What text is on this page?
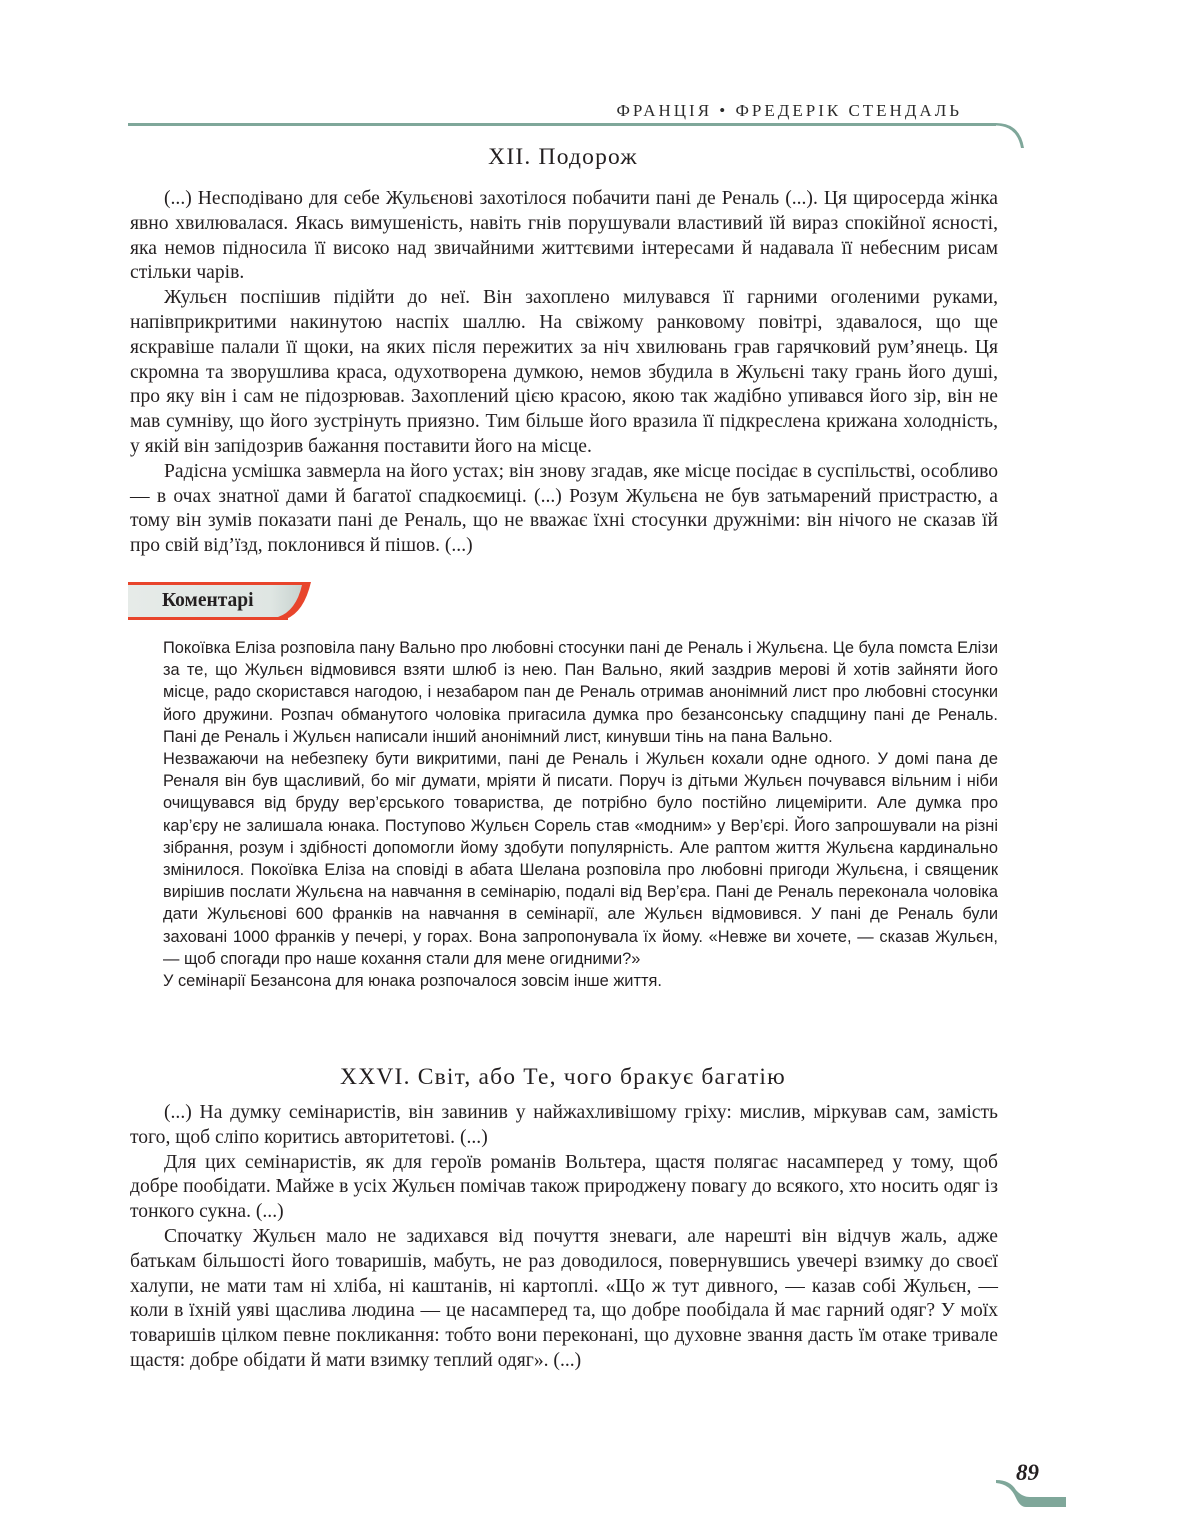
ФРАНЦІЯ • ФРЕДЕРІК СТЕНДАЛЬ
XII. Подорож

(...) Несподівано для себе Жульєнові захотілося побачити пані де Реналь (...). Ця щиросерда жінка явно хвилювалася. Якась вимушеність, навіть гнів порушували властивий їй вираз спокійної ясності, яка немов підносила її високо над звичайними життєвими інтересами й надавала її небесним рисам стільки чарів.

Жульєн поспішив підійти до неї. Він захоплено милувався її гарними оголеними руками, напівприкритими накинутою наспіх шаллю. На свіжому ранковому повітрі, здавалося, що ще яскравіше палали її щоки, на яких після пережитих за ніч хвилювань грав гарячковий рум’янець. Ця скромна та зворушлива краса, одухотворена думкою, немов збудила в Жульєні таку грань його душі, про яку він і сам не підозрював. Захоплений цією красою, якою так жадібно упивався його зір, він не мав сумніву, що його зустрінуть приязно. Тим більше його вразила її підкреслена крижана холодність, у якій він запідозрив бажання поставити його на місце.

Радісна усмішка завмерла на його устах; він знову згадав, яке місце посідає в суспільстві, особливо — в очах знатної дами й багатої спадкоємиці. (...) Розум Жульєна не був затьмарений пристрастю, а тому він зумів показати пані де Реналь, що не вважає їхні стосунки дружніми: він нічого не сказав їй про свій від’їзд, поклонився й пішов. (...)

Коментарі

Покоївка Еліза розповіла пану Вально про любовні стосунки пані де Реналь і Жульєна. Це була помста Елізи за те, що Жульєн відмовився взяти шлюб із нею. Пан Вально, який заздрив мерові й хотів зайняти його місце, радо скористався нагодою, і незабаром пан де Реналь отримав анонімний лист про любовні стосунки його дружини. Розпач обманутого чоловіка пригасила думка про безансонську спадщину пані де Реналь. Пані де Реналь і Жульєн написали інший анонімний лист, кинувши тінь на пана Вально.

Незважаючи на небезпеку бути викритими, пані де Реналь і Жульєн кохали одне одного. У домі пана де Реналя він був щасливий, бо міг думати, мріяти й писати. Поруч із дітьми Жульєн почувався вільним і ніби очищувався від бруду вер’єрського товариства, де потрібно було постійно лицемірити. Але думка про кар’єру не залишала юнака. Поступово Жульєн Сорель став «модним» у Вер’єрі. Його запрошували на різні зібрання, розум і здібності допомогли йому здобути популярність. Але раптом життя Жульєна кардинально змінилося. Покоївка Еліза на сповіді в абата Шелана розповіла про любовні пригоди Жульєна, і священик вирішив послати Жульєна на навчання в семінарію, подалі від Вер’єра. Пані де Реналь переконала чоловіка дати Жульєнові 600 франків на навчання в семінарії, але Жульєн відмовився. У пані де Реналь були заховані 1000 франків у печері, у горах. Вона запропонувала їх йому. «Невже ви хочете, — сказав Жульєн, — щоб спогади про наше кохання стали для мене огидними?»

У семінарії Безансона для юнака розпочалося зовсім інше життя.

XXVI. Світ, або Те, чого бракує багатію

(...) На думку семінаристів, він завинив у найжахливішому гріху: мислив, міркував сам, замість того, щоб сліпо коритись авторитетові. (...)

Для цих семінаристів, як для героїв романів Вольтера, щастя полягає насамперед у тому, щоб добре пообідати. Майже в усіх Жульєн помічав також природжену повагу до всякого, хто носить одяг із тонкого сукна. (...)

Спочатку Жульєн мало не задихався від почуття зневаги, але нарешті він відчув жаль, адже батькам більшості його товаришів, мабуть, не раз доводилося, повернувшись увечері взимку до своєї халупи, не мати там ні хліба, ні каштанів, ні картоплі. «Що ж тут дивного, — казав собі Жульєн, — коли в їхній уяві щаслива людина — це насамперед та, що добре пообідала й має гарний одяг? У моїх товаришів цілком певне покликання: тобто вони переконані, що духовне звання дасть їм отаке тривале щастя: добре обідати й мати взимку теплий одяг». (...)

89
